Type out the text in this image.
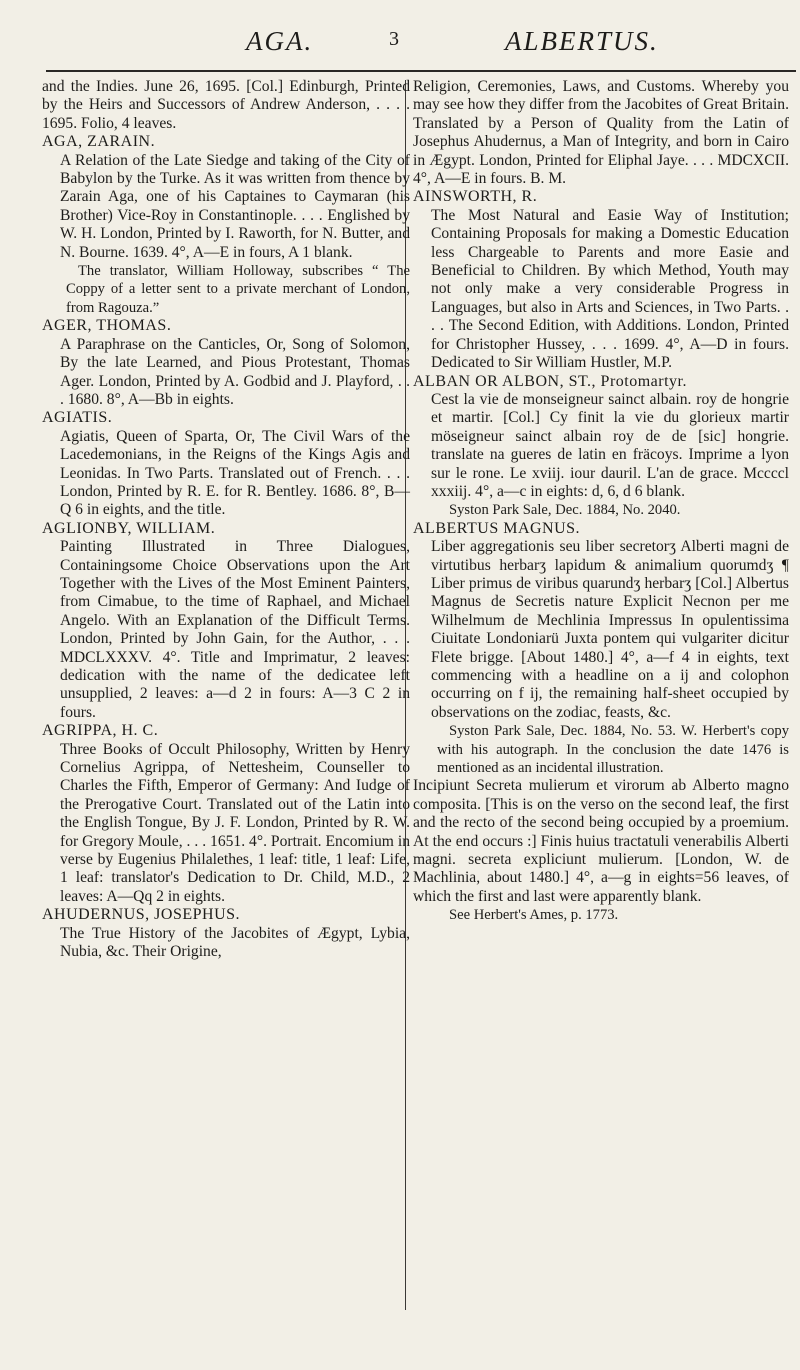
AGA.	3	ALBERTUS.
and the Indies. June 26, 1695. [Col.] Edinburgh, Printed by the Heirs and Successors of Andrew Anderson, . . . . 1695. Folio, 4 leaves.
AGA, ZARAIN.
A Relation of the Late Siedge and taking of the City of Babylon by the Turke. As it was written from thence by Zarain Aga, one of his Captaines to Caymaran (his Brother) Vice-Roy in Constantinople. . . . Englished by W. H. London, Printed by I. Raworth, for N. Butter, and N. Bourne. 1639. 4°, A—E in fours, A 1 blank.
The translator, William Holloway, subscribes “ The Coppy of a letter sent to a private merchant of London, from Ragouza.”
AGER, THOMAS.
A Paraphrase on the Canticles, Or, Song of Solomon, By the late Learned, and Pious Protestant, Thomas Ager. London, Printed by A. Godbid and J. Playford, . . . 1680. 8°, A—Bb in eights.
AGIATIS.
Agiatis, Queen of Sparta, Or, The Civil Wars of the Lacedemonians, in the Reigns of the Kings Agis and Leonidas. In Two Parts. Translated out of French. . . . London, Printed by R. E. for R. Bentley. 1686. 8°, B—Q 6 in eights, and the title.
AGLIONBY, WILLIAM.
Painting Illustrated in Three Dialogues, Containingsome Choice Observations upon the Art Together with the Lives of the Most Eminent Painters, from Cimabue, to the time of Raphael, and Michael Angelo. With an Explanation of the Difficult Terms. London, Printed by John Gain, for the Author, . . . MDCLXXXV. 4°. Title and Imprimatur, 2 leaves: dedication with the name of the dedicatee left unsupplied, 2 leaves: a—d 2 in fours: A—3 C 2 in fours.
AGRIPPA, H. C.
Three Books of Occult Philosophy, Written by Henry Cornelius Agrippa, of Nettesheim, Counseller to Charles the Fifth, Emperor of Germany: And Iudge of the Prerogative Court. Translated out of the Latin into the English Tongue, By J. F. London, Printed by R. W. for Gregory Moule, . . . 1651. 4°. Portrait. Encomium in verse by Eugenius Philalethes, 1 leaf: title, 1 leaf: Life, 1 leaf: translator's Dedication to Dr. Child, M.D., 2 leaves: A—Qq 2 in eights.
AHUDERNUS, JOSEPHUS.
The True History of the Jacobites of Ægypt, Lybia, Nubia, &c. Their Origine,
Religion, Ceremonies, Laws, and Customs. Whereby you may see how they differ from the Jacobites of Great Britain. Translated by a Person of Quality from the Latin of Josephus Ahudernus, a Man of Integrity, and born in Cairo in Ægypt. London, Printed for Eliphal Jaye. . . . MDCXCII. 4°, A—E in fours. B. M.
AINSWORTH, R.
The Most Natural and Easie Way of Institution; Containing Proposals for making a Domestic Education less Chargeable to Parents and more Easie and Beneficial to Children. By which Method, Youth may not only make a very considerable Progress in Languages, but also in Arts and Sciences, in Two Parts. . . . The Second Edition, with Additions. London, Printed for Christopher Hussey, . . . 1699. 4°, A—D in fours. Dedicated to Sir William Hustler, M.P.
ALBAN OR ALBON, ST., Protomartyr.
Cest la vie de monseigneur sainct albain. roy de hongrie et martir. [Col.] Cy finit la vie du glorieux martir möseigneur sainct albain roy de de [sic] hongrie. translate na gueres de latin en fräcoys. Imprime a lyon sur le rone. Le xviij. iour dauril. L'an de grace. Mccccl xxxiij. 4°, a—c in eights: d, 6, d 6 blank.
Syston Park Sale, Dec. 1884, No. 2040.
ALBERTUS MAGNUS.
Liber aggregationis seu liber secretorʒ Alberti magni de virtutibus herbarʒ lapidum & animalium quorumdʒ ¶ Liber primus de viribus quarundʒ herbarʒ [Col.] Albertus Magnus de Secretis nature Explicit Necnon per me Wilhelmum de Mechlinia Impressus In opulentissima Ciuitate Londoniarü Juxta pontem qui vulgariter dicitur Flete brigge. [About 1480.] 4°, a—f 4 in eights, text commencing with a headline on a ij and colophon occurring on f ij, the remaining half-sheet occupied by observations on the zodiac, feasts, &c.
Syston Park Sale, Dec. 1884, No. 53. W. Herbert's copy with his autograph. In the conclusion the date 1476 is mentioned as an incidental illustration.
Incipiunt Secreta mulierum et virorum ab Alberto magno composita. [This is on the verso on the second leaf, the first and the recto of the second being occupied by a proemium. At the end occurs :] Finis huius tractatuli venerabilis Alberti magni. secreta expliciunt mulierum. [London, W. de Machlinia, about 1480.] 4°, a—g in eights=56 leaves, of which the first and last were apparently blank.
See Herbert's Ames, p. 1773.
